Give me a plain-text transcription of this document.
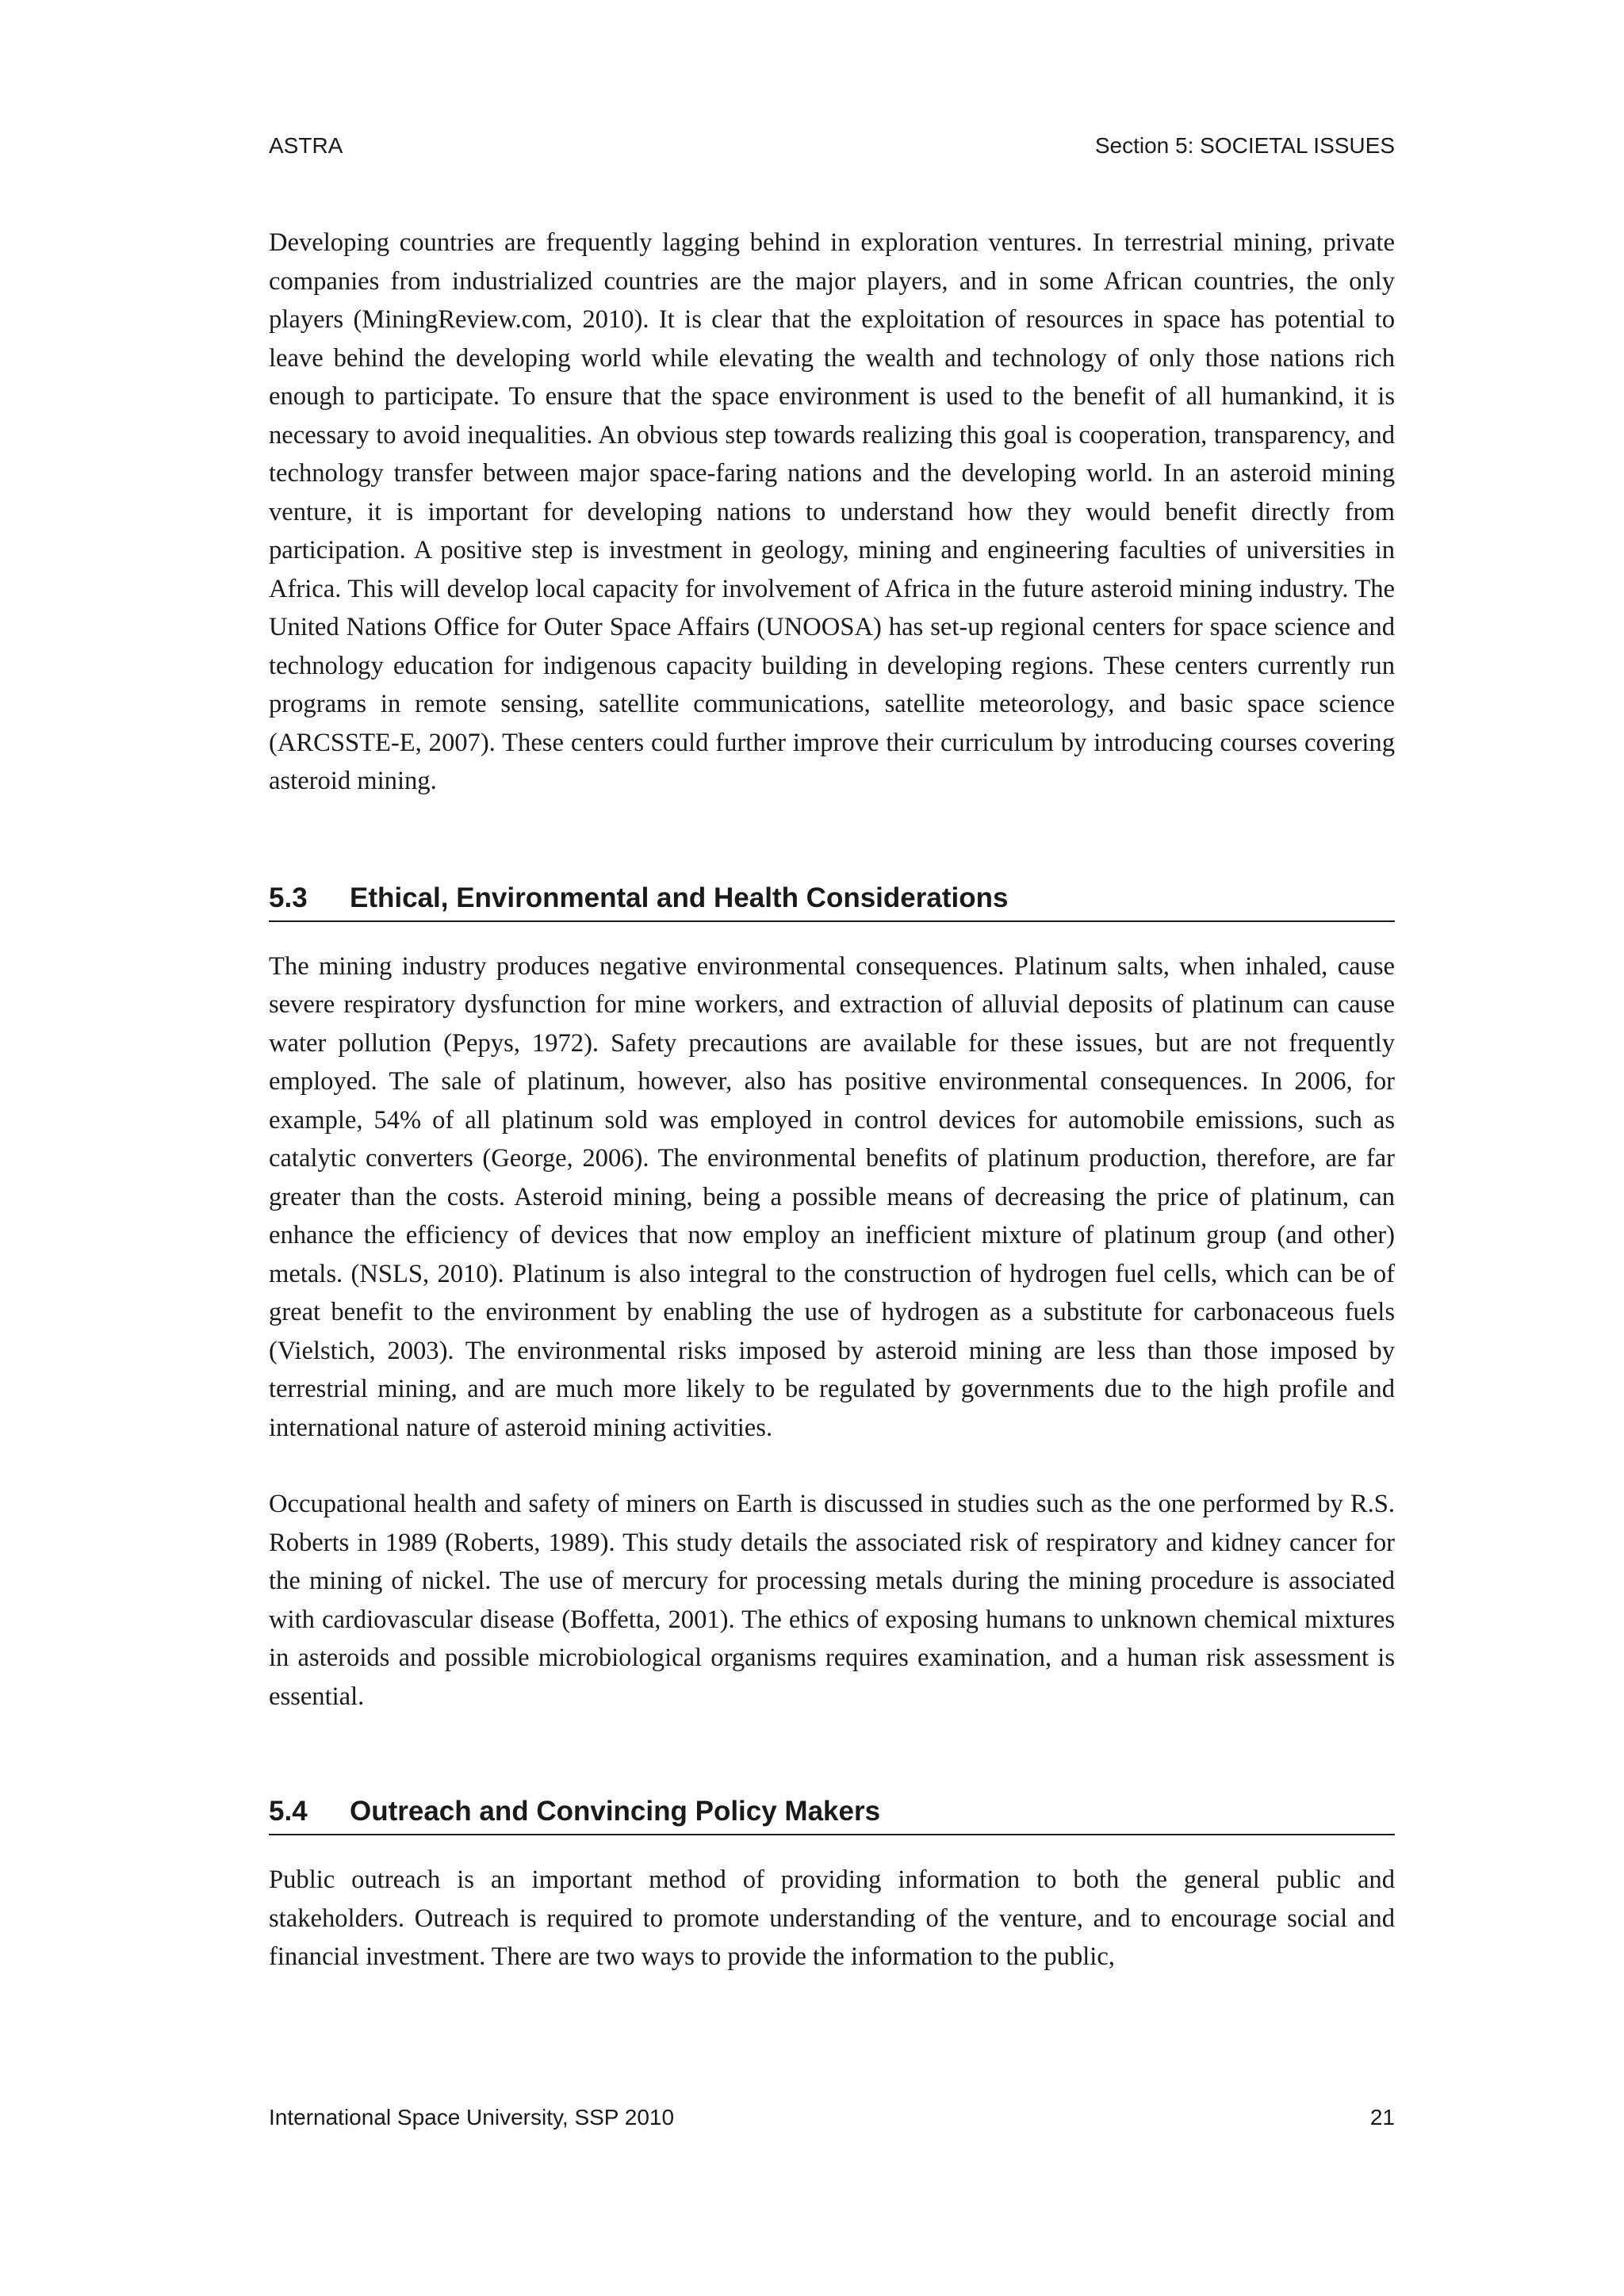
ASTRA	Section 5: SOCIETAL ISSUES

Developing countries are frequently lagging behind in exploration ventures. In terrestrial mining, private companies from industrialized countries are the major players, and in some African countries, the only players (MiningReview.com, 2010). It is clear that the exploitation of resources in space has potential to leave behind the developing world while elevating the wealth and technology of only those nations rich enough to participate. To ensure that the space environment is used to the benefit of all humankind, it is necessary to avoid inequalities. An obvious step towards realizing this goal is cooperation, transparency, and technology transfer between major space-faring nations and the developing world. In an asteroid mining venture, it is important for developing nations to understand how they would benefit directly from participation. A positive step is investment in geology, mining and engineering faculties of universities in Africa. This will develop local capacity for involvement of Africa in the future asteroid mining industry. The United Nations Office for Outer Space Affairs (UNOOSA) has set-up regional centers for space science and technology education for indigenous capacity building in developing regions. These centers currently run programs in remote sensing, satellite communications, satellite meteorology, and basic space science (ARCSSTE-E, 2007). These centers could further improve their curriculum by introducing courses covering asteroid mining.

5.3 Ethical, Environmental and Health Considerations

The mining industry produces negative environmental consequences. Platinum salts, when inhaled, cause severe respiratory dysfunction for mine workers, and extraction of alluvial deposits of platinum can cause water pollution (Pepys, 1972). Safety precautions are available for these issues, but are not frequently employed. The sale of platinum, however, also has positive environmental consequences. In 2006, for example, 54% of all platinum sold was employed in control devices for automobile emissions, such as catalytic converters (George, 2006). The environmental benefits of platinum production, therefore, are far greater than the costs. Asteroid mining, being a possible means of decreasing the price of platinum, can enhance the efficiency of devices that now employ an inefficient mixture of platinum group (and other) metals. (NSLS, 2010). Platinum is also integral to the construction of hydrogen fuel cells, which can be of great benefit to the environment by enabling the use of hydrogen as a substitute for carbonaceous fuels (Vielstich, 2003). The environmental risks imposed by asteroid mining are less than those imposed by terrestrial mining, and are much more likely to be regulated by governments due to the high profile and international nature of asteroid mining activities.

Occupational health and safety of miners on Earth is discussed in studies such as the one performed by R.S. Roberts in 1989 (Roberts, 1989). This study details the associated risk of respiratory and kidney cancer for the mining of nickel. The use of mercury for processing metals during the mining procedure is associated with cardiovascular disease (Boffetta, 2001). The ethics of exposing humans to unknown chemical mixtures in asteroids and possible microbiological organisms requires examination, and a human risk assessment is essential.

5.4 Outreach and Convincing Policy Makers

Public outreach is an important method of providing information to both the general public and stakeholders. Outreach is required to promote understanding of the venture, and to encourage social and financial investment. There are two ways to provide the information to the public,

International Space University, SSP 2010	21
